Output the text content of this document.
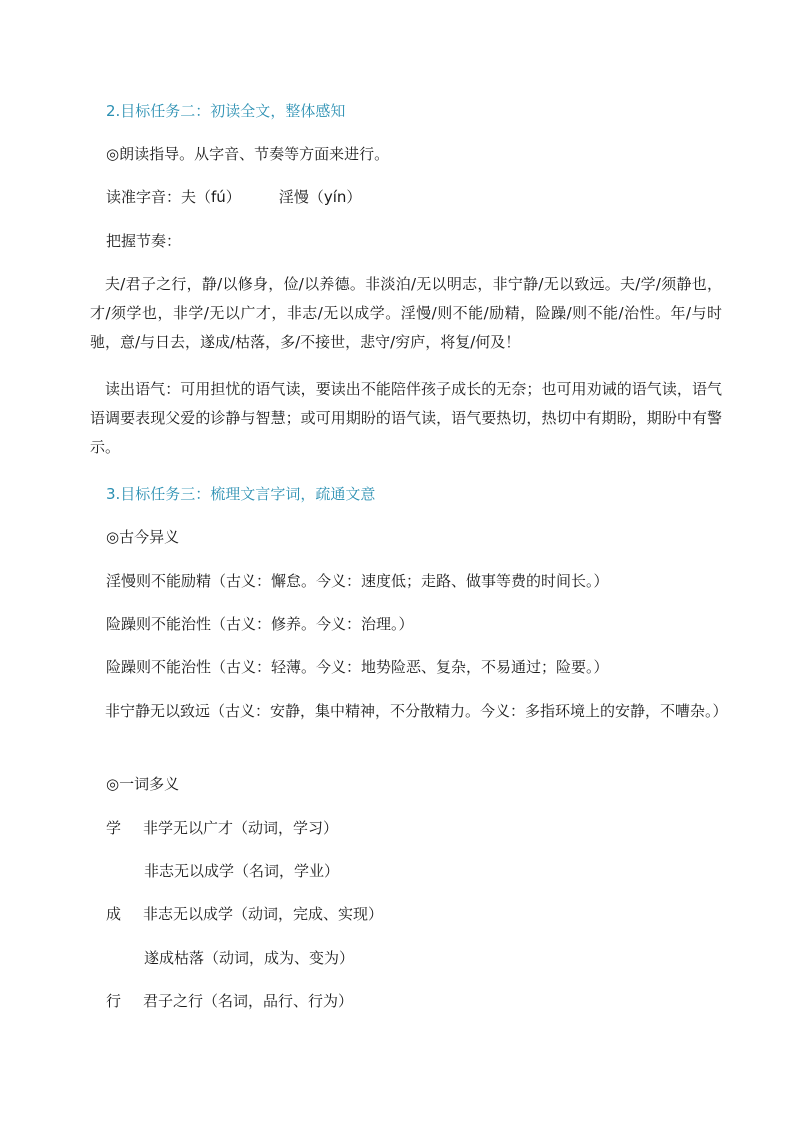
2.目标任务二：初读全文，整体感知
◎朗读指导。从字音、节奏等方面来进行。
读准字音：夫（fú）	淫慢（yín）
把握节奏：
夫/君子之行，静/以修身，俭/以养德。非淡泊/无以明志，非宁静/无以致远。夫/学/须静也，才/须学也，非学/无以广才，非志/无以成学。淫慢/则不能/励精，险躁/则不能/治性。年/与时驰，意/与日去，遂成/枯落，多/不接世，悲守/穷庐，将复/何及！
读出语气：可用担忧的语气读，要读出不能陪伴孩子成长的无奈；也可用劝诫的语气读，语气语调要表现父爱的诊静与智慧；或可用期盼的语气读，语气要热切，热切中有期盼，期盼中有警示。
3.目标任务三：梳理文言字词，疏通文意
◎古今异义
淫慢则不能励精（古义：懈怠。今义：速度低；走路、做事等费的时间长。）
险躁则不能治性（古义：修养。今义：治理。）
险躁则不能治性（古义：轻薄。今义：地势险恶、复杂，不易通过；险要。）
非宁静无以致远（古义：安静，集中精神，不分散精力。今义：多指环境上的安静，不嘈杂。）
◎一词多义
学 非学无以广才（动词，学习）
非志无以成学（名词，学业）
成 非志无以成学（动词，完成、实现）
遂成枯落（动词，成为、变为）
行 君子之行（名词，品行、行为）
